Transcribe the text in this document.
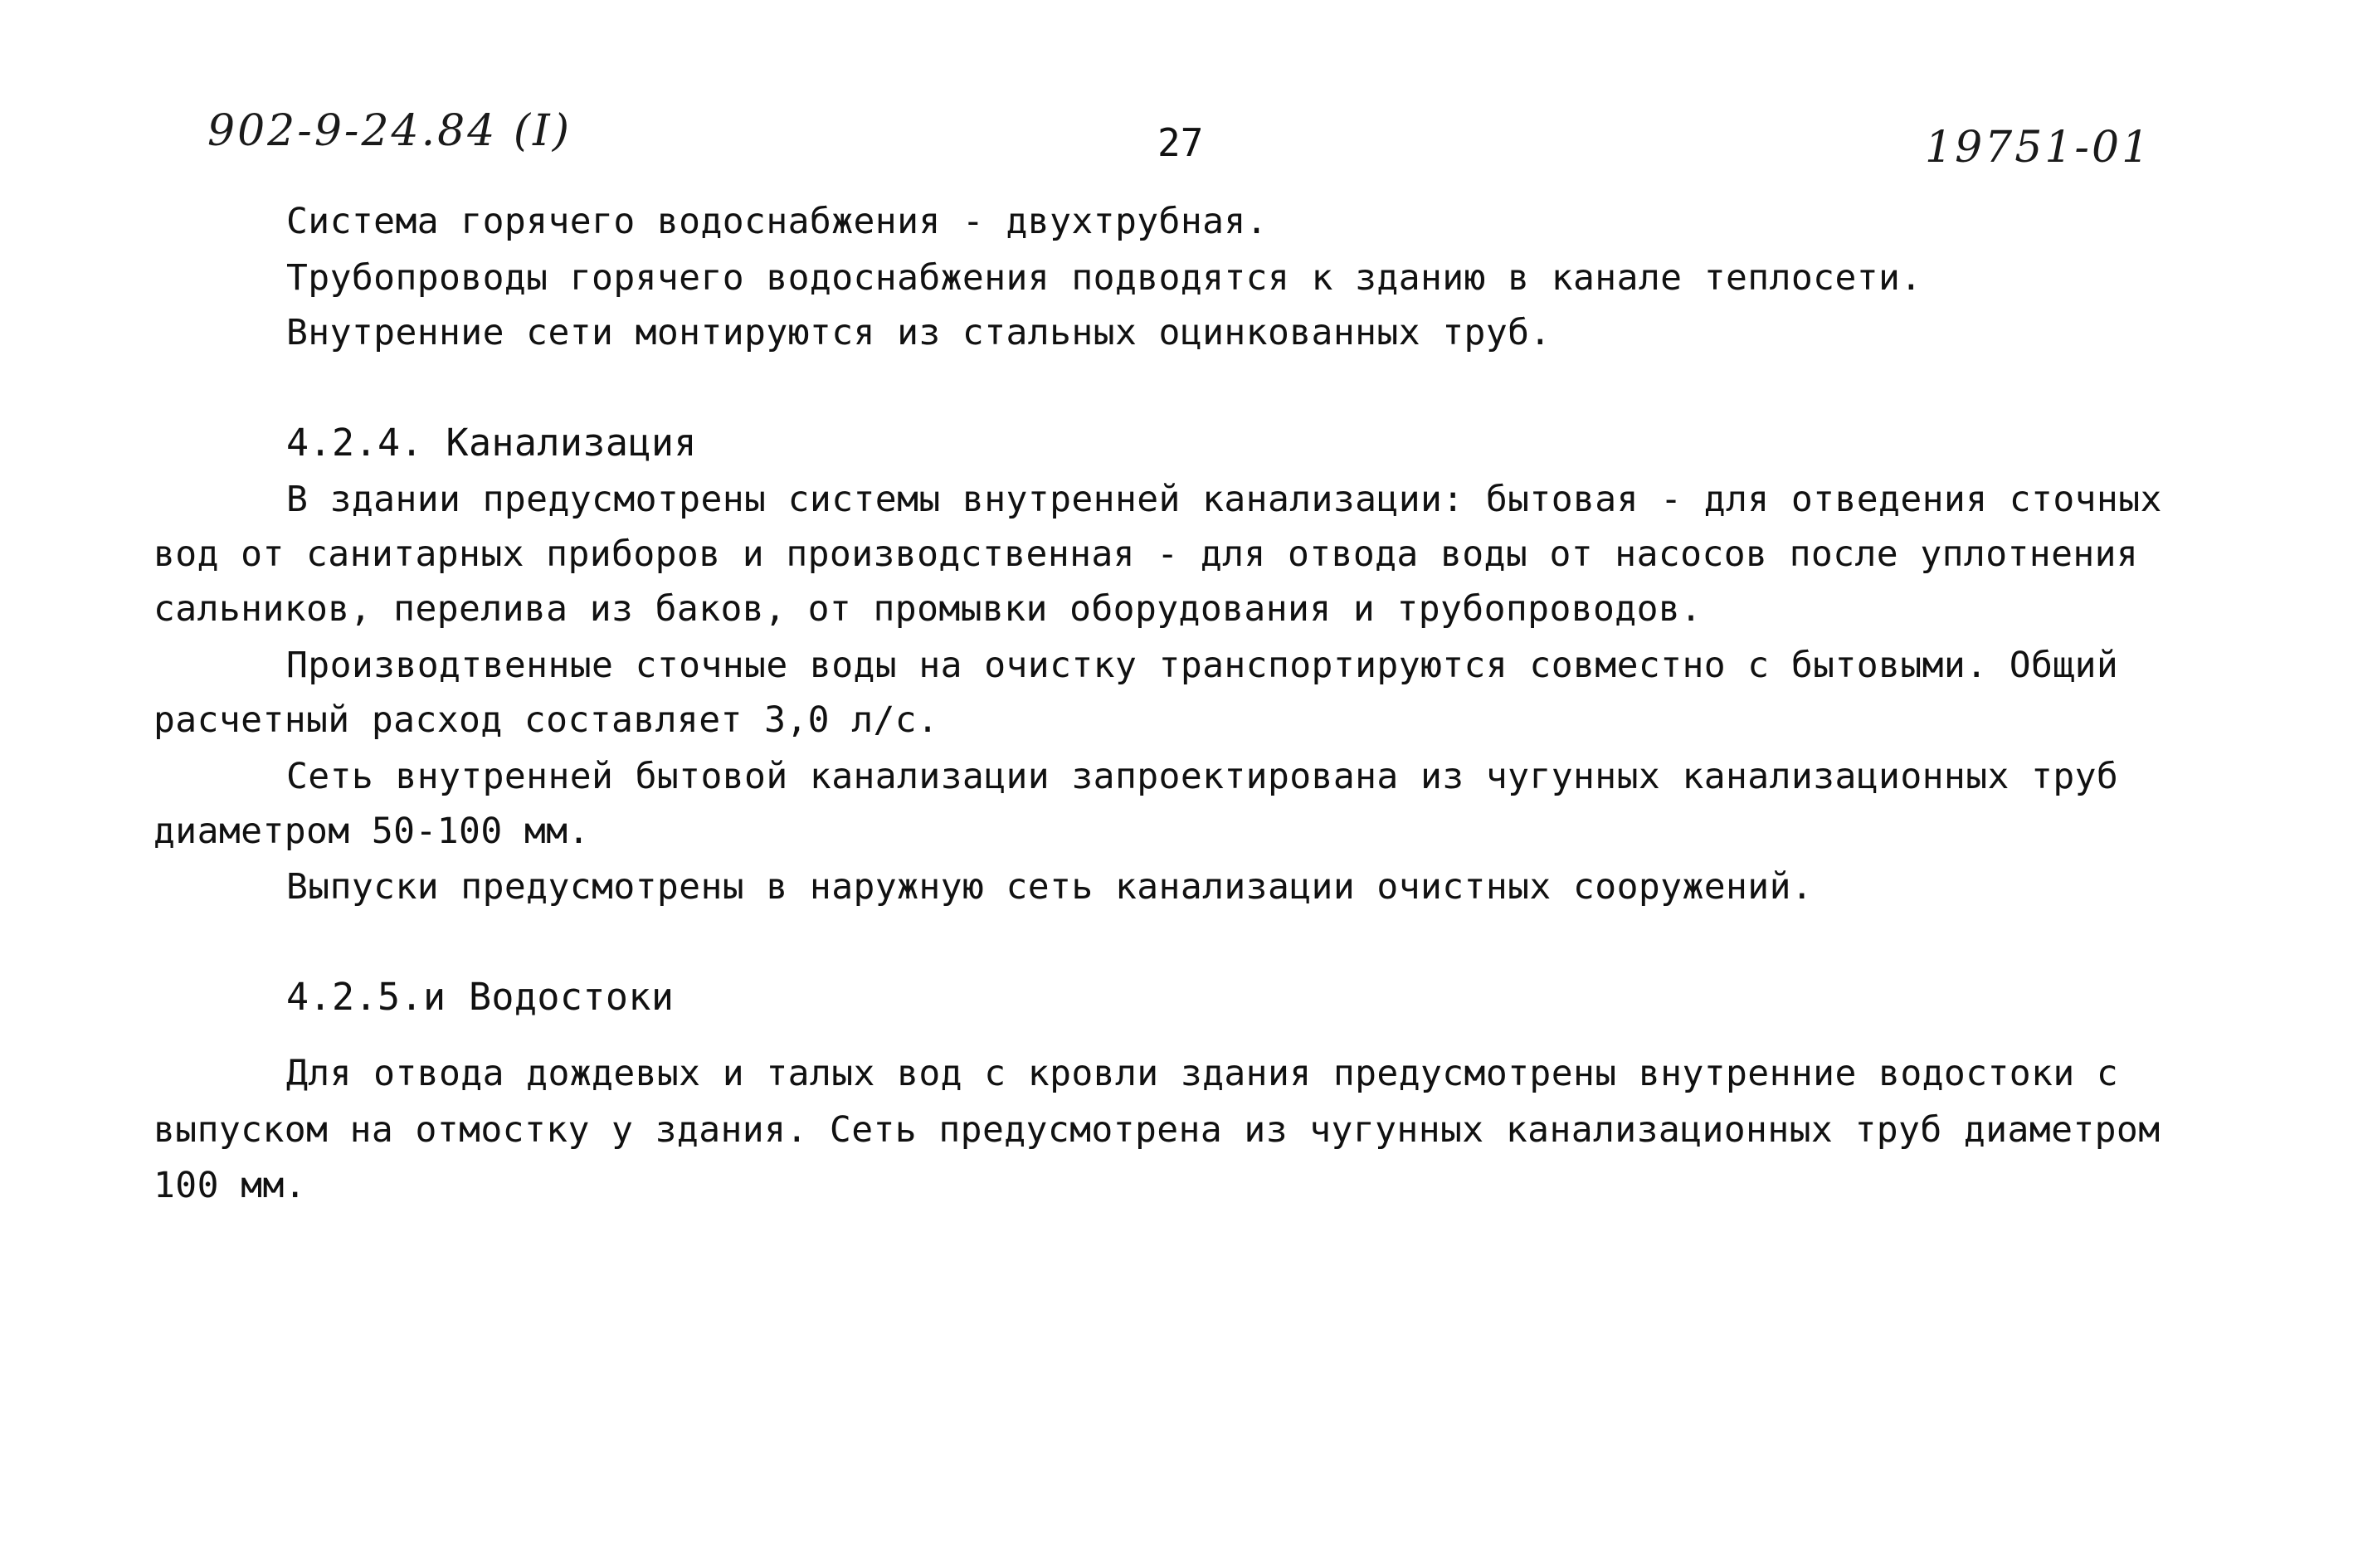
902-9-24.84 (I)	27	19751-01
Система горячего водоснабжения - двухтрубная.
Трубопроводы горячего водоснабжения подводятся к зданию в канале теплосети.
Внутренние сети монтируются из стальных оцинкованных труб.
4.2.4. Канализация
В здании предусмотрены системы внутренней канализации: бытовая - для отведения сточных
вод от санитарных приборов и производственная - для отвода воды от насосов после уплотнения
сальников, перелива из баков, от промывки оборудования и трубопроводов.
Производтвенные сточные воды на очистку транспортируются совместно с бытовыми. Общий
расчетный расход составляет 3,0 л/с.
Сеть внутренней бытовой канализации запроектирована из чугунных канализационных труб
диаметром 50-100 мм.
Выпуски предусмотрены в наружную сеть канализации очистных сооружений.
4.2.5.и Водостоки
Для отвода дождевых и талых вод с кровли здания предусмотрены внутренние водостоки с
выпуском на отмостку у здания. Сеть предусмотрена из чугунных канализационных труб диаметром
100 мм.
